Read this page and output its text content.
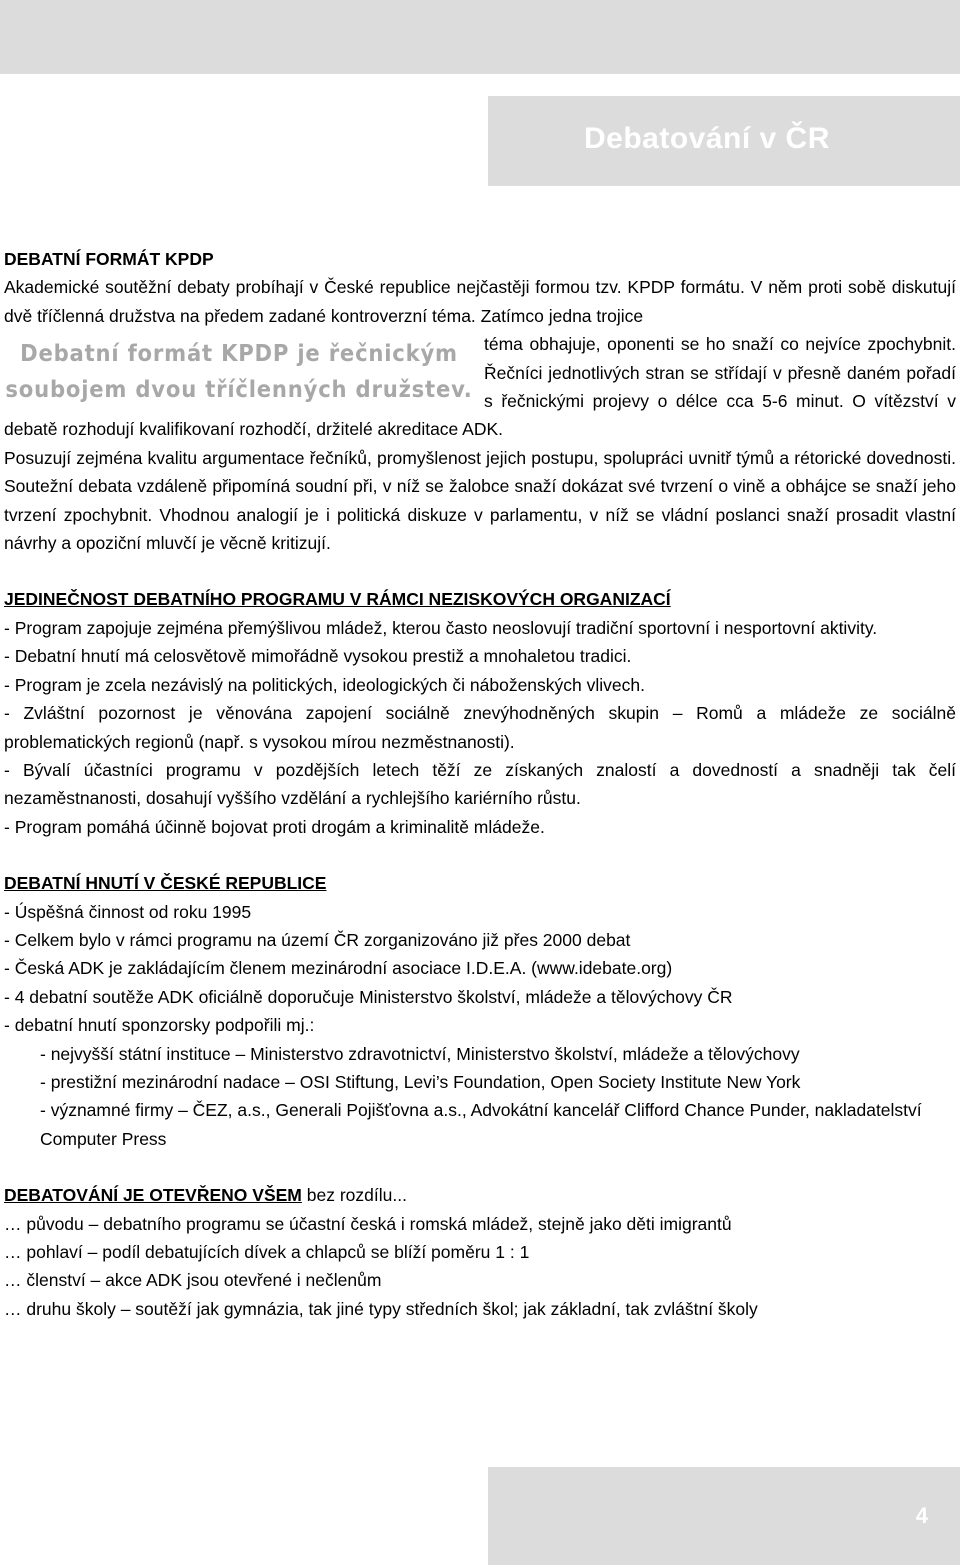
Debatování v ČR

DEBATNÍ FORMÁT KPDP

Akademické soutěžní debaty probíhají v České republice nejčastěji formou tzv. KPDP formátu. V něm proti sobě diskutují dvě tříčlenná družstva na předem zadané kontroverzní téma. Zatímco jedna trojice

Debatní formát KPDP je řečnickým soubojem dvou tříčlenných družstev.

téma obhajuje, oponenti se ho snaží co nejvíce zpochybnit. Řečníci jednotlivých stran se střídají v přesně daném pořadí s řečnickými projevy o délce cca 5-6 minut. O vítězství v debatě rozhodují kvalifikovaní rozhodčí, držitelé akreditace ADK.

Posuzují zejména kvalitu argumentace řečníků, promyšlenost jejich postupu, spolupráci uvnitř týmů a rétorické dovednosti. Soutežní debata vzdáleně připomíná soudní při, v níž se žalobce snaží dokázat své tvrzení o vině a obhájce se snaží jeho tvrzení zpochybnit. Vhodnou analogií je i politická diskuze v parlamentu, v níž se vládní poslanci snaží prosadit vlastní návrhy a opoziční mluvčí je věcně kritizují.

JEDINEČNOST DEBATNÍHO PROGRAMU V RÁMCI NEZISKOVÝCH ORGANIZACÍ

- Program zapojuje zejména přemýšlivou mládež, kterou často neoslovují tradiční sportovní i nesportovní aktivity.

- Debatní hnutí má celosvětově mimořádně vysokou prestiž a mnohaletou tradici.

- Program je zcela nezávislý na politických, ideologických či náboženských vlivech.

- Zvláštní pozornost je věnována zapojení sociálně znevýhodněných skupin – Romů a mládeže ze sociálně problematických regionů (např. s vysokou mírou nezměstnanosti).

- Bývalí účastníci programu v pozdějších letech těží ze získaných znalostí a dovedností a snadněji tak čelí nezaměstnanosti, dosahují vyššího vzdělání a rychlejšího kariérního růstu.

- Program pomáhá účinně bojovat proti drogám a kriminalitě mládeže.

DEBATNÍ HNUTÍ V ČESKÉ REPUBLICE

- Úspěšná činnost od roku 1995

- Celkem bylo v rámci programu na území ČR zorganizováno již přes 2000 debat

- Česká ADK je zakládajícím členem mezinárodní asociace I.D.E.A. (www.idebate.org)

- 4 debatní soutěže ADK oficiálně doporučuje Ministerstvo školství, mládeže a tělovýchovy ČR

- debatní hnutí sponzorsky podpořili mj.:

- nejvyšší státní instituce – Ministerstvo zdravotnictví, Ministerstvo školství, mládeže a tělovýchovy

- prestižní mezinárodní nadace – OSI Stiftung, Levi’s Foundation, Open Society Institute New York

- významné firmy – ČEZ, a.s., Generali Pojišťovna a.s., Advokátní kancelář Clifford Chance Punder, nakladatelství Computer Press

DEBATOVÁNÍ JE OTEVŘENO VŠEM bez rozdílu...

… původu – debatního programu se účastní česká i romská mládež, stejně jako děti imigrantů

… pohlaví – podíl debatujících dívek a chlapců se blíží poměru 1 : 1

… členství – akce ADK jsou otevřené i nečlenům

… druhu školy – soutěží jak gymnázia, tak jiné typy středních škol; jak základní, tak zvláštní školy

4
